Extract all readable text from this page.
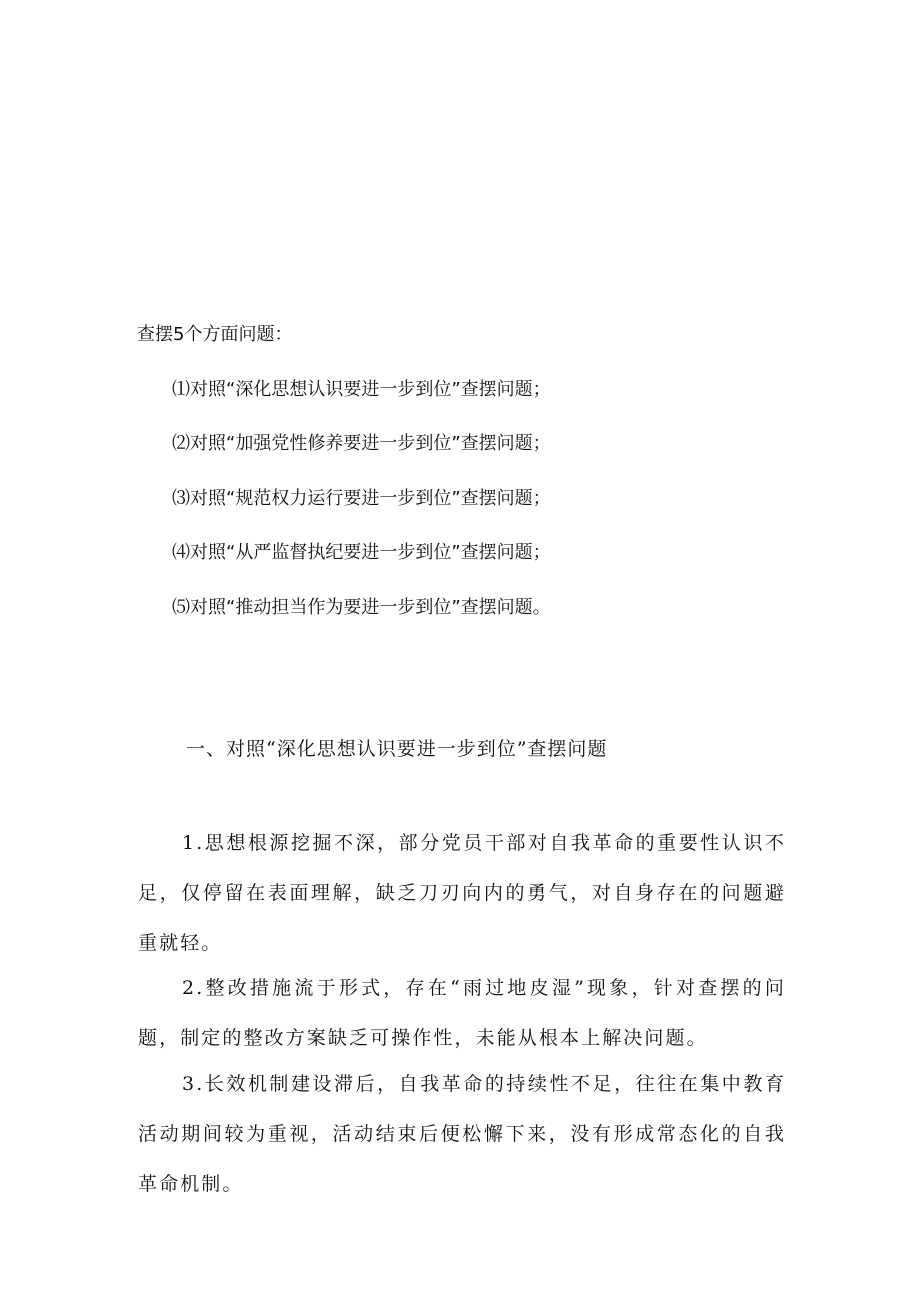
查摆5个方面问题：
⑴对照“深化思想认识要进一步到位”查摆问题；
⑵对照“加强党性修养要进一步到位”查摆问题；
⑶对照“规范权力运行要进一步到位”查摆问题；
⑷对照“从严监督执纪要进一步到位”查摆问题；
⑸对照“推动担当作为要进一步到位”查摆问题。
一、对照“深化思想认识要进一步到位”查摆问题

1.思想根源挖掘不深，部分党员干部对自我革命的重要性认识不足，仅停留在表面理解，缺乏刀刃向内的勇气，对自身存在的问题避重就轻。

2.整改措施流于形式，存在“雨过地皮湿”现象，针对查摆的问题，制定的整改方案缺乏可操作性，未能从根本上解决问题。

3.长效机制建设滞后，自我革命的持续性不足，往往在集中教育活动期间较为重视，活动结束后便松懈下来，没有形成常态化的自我革命机制。
